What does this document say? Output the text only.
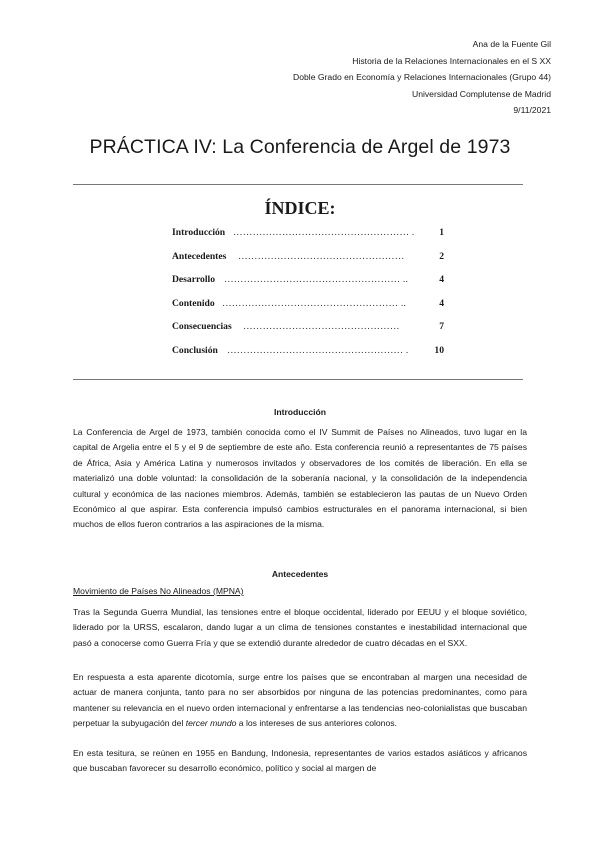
Ana de la Fuente Gil
Historia de la Relaciones Internacionales en el S XX
Doble Grado en Economía y Relaciones Internacionales (Grupo 44)
Universidad Complutense de Madrid
9/11/2021
PRÁCTICA IV: La Conferencia de Argel de 1973
ÍNDICE:
Introducción ……………………………………………… .	1
Antecedentes ……………………………………………	2
Desarrollo ……………………………………………… ..	4
Contenido ……………………………………………… ..	4
Consecuencias …………………………………………	7
Conclusión ……………………………………………… .	10
Introducción

La Conferencia de Argel de 1973, también conocida como el IV Summit de Países no Alineados, tuvo lugar en la capital de Argelia entre el 5 y el 9 de septiembre de este año. Esta conferencia reunió a representantes de 75 países de África, Asia y América Latina y numerosos invitados y observadores de los comités de liberación. En ella se materializó una doble voluntad: la consolidación de la soberanía nacional, y la consolidación de la independencia cultural y económica de las naciones miembros. Además, también se establecieron las pautas de un Nuevo Orden Económico al que aspirar. Esta conferencia impulsó cambios estructurales en el panorama internacional, si bien muchos de ellos fueron contrarios a las aspiraciones de la misma.

Antecedentes
Movimiento de Países No Alineados (MPNA)

Tras la Segunda Guerra Mundial, las tensiones entre el bloque occidental, liderado por EEUU y el bloque soviético, liderado por la URSS, escalaron, dando lugar a un clima de tensiones constantes e inestabilidad internacional que pasó a conocerse como Guerra Fría y que se extendió durante alrededor de cuatro décadas en el SXX.

En respuesta a esta aparente dicotomía, surge entre los países que se encontraban al margen una necesidad de actuar de manera conjunta, tanto para no ser absorbidos por ninguna de las potencias predominantes, como para mantener su relevancia en el nuevo orden internacional y enfrentarse a las tendencias neo-colonialistas que buscaban perpetuar la subyugación del tercer mundo a los intereses de sus anteriores colonos.

En esta tesitura, se reúnen en 1955 en Bandung, Indonesia, representantes de varios estados asiáticos y africanos que buscaban favorecer su desarrollo económico, político y social al margen de
